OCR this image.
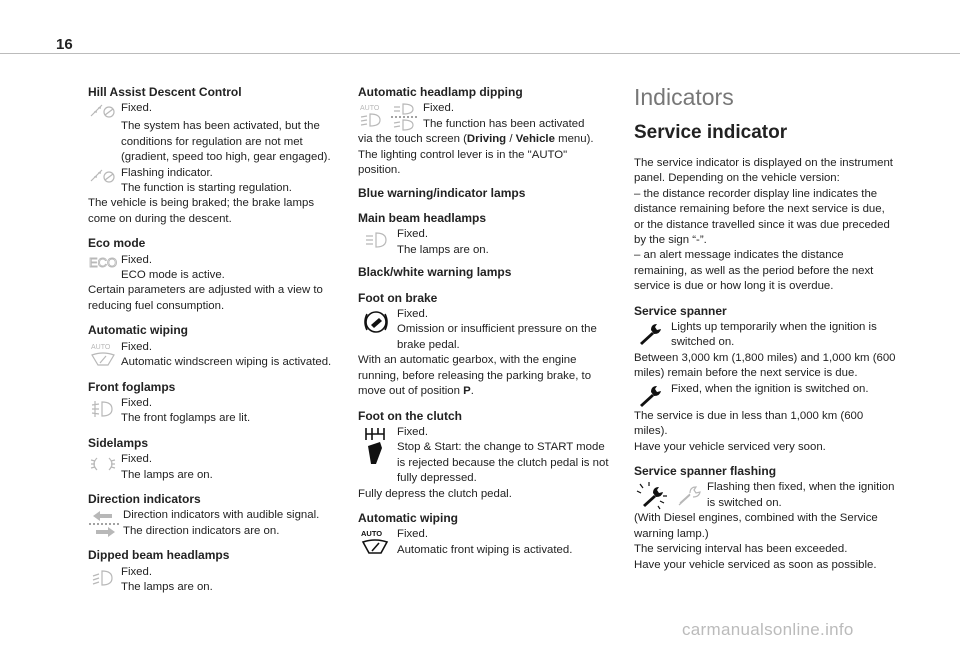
16
Hill Assist Descent Control

Fixed.

The system has been activated, but the conditions for regulation are not met (gradient, speed too high, gear engaged).

Flashing indicator.

The function is starting regulation.

The vehicle is being braked; the brake lamps come on during the descent.

Eco mode
ECO Fixed.

ECO mode is active.

Certain parameters are adjusted with a view to reducing fuel consumption.

Automatic wiping
AUTO Fixed.

Automatic windscreen wiping is activated.

Front foglamps

Fixed.

The front foglamps are lit.

Sidelamps

Fixed.

The lamps are on.

Direction indicators

Direction indicators with audible signal.

The direction indicators are on.

Dipped beam headlamps

Fixed.

The lamps are on.

Automatic headlamp dipping
AUTO	Fixed.

The function has been activated

via the touch screen (Driving / Vehicle menu).

The lighting control lever is in the "AUTO" position.

Blue warning/indicator lamps
Main beam headlamps

Fixed.

The lamps are on.

Black/white warning lamps
Foot on brake

Fixed.

Omission or insufficient pressure on the brake pedal.

With an automatic gearbox, with the engine running, before releasing the parking brake, to move out of position P.

Foot on the clutch

Fixed.

Stop & Start: the change to START mode is rejected because the clutch pedal is not fully depressed.

Fully depress the clutch pedal.

Automatic wiping
AUTO Fixed.

Automatic front wiping is activated.

Indicators
Service indicator

The service indicator is displayed on the instrument panel. Depending on the vehicle version:

– the distance recorder display line indicates the distance remaining before the next service is due, or the distance travelled since it was due preceded by the sign “-”.

– an alert message indicates the distance remaining, as well as the period before the next service is due or how long it is overdue.

Service spanner

Lights up temporarily when the ignition is switched on.

Between 3,000 km (1,800 miles) and 1,000 km (600 miles) remain before the next service is due.

Fixed, when the ignition is switched on.

The service is due in less than 1,000 km (600 miles).

Have your vehicle serviced very soon.

Service spanner flashing

Flashing then fixed, when the ignition is switched on.

(With Diesel engines, combined with the Service warning lamp.)

The servicing interval has been exceeded.

Have your vehicle serviced as soon as possible.

carmanualsonline.info
